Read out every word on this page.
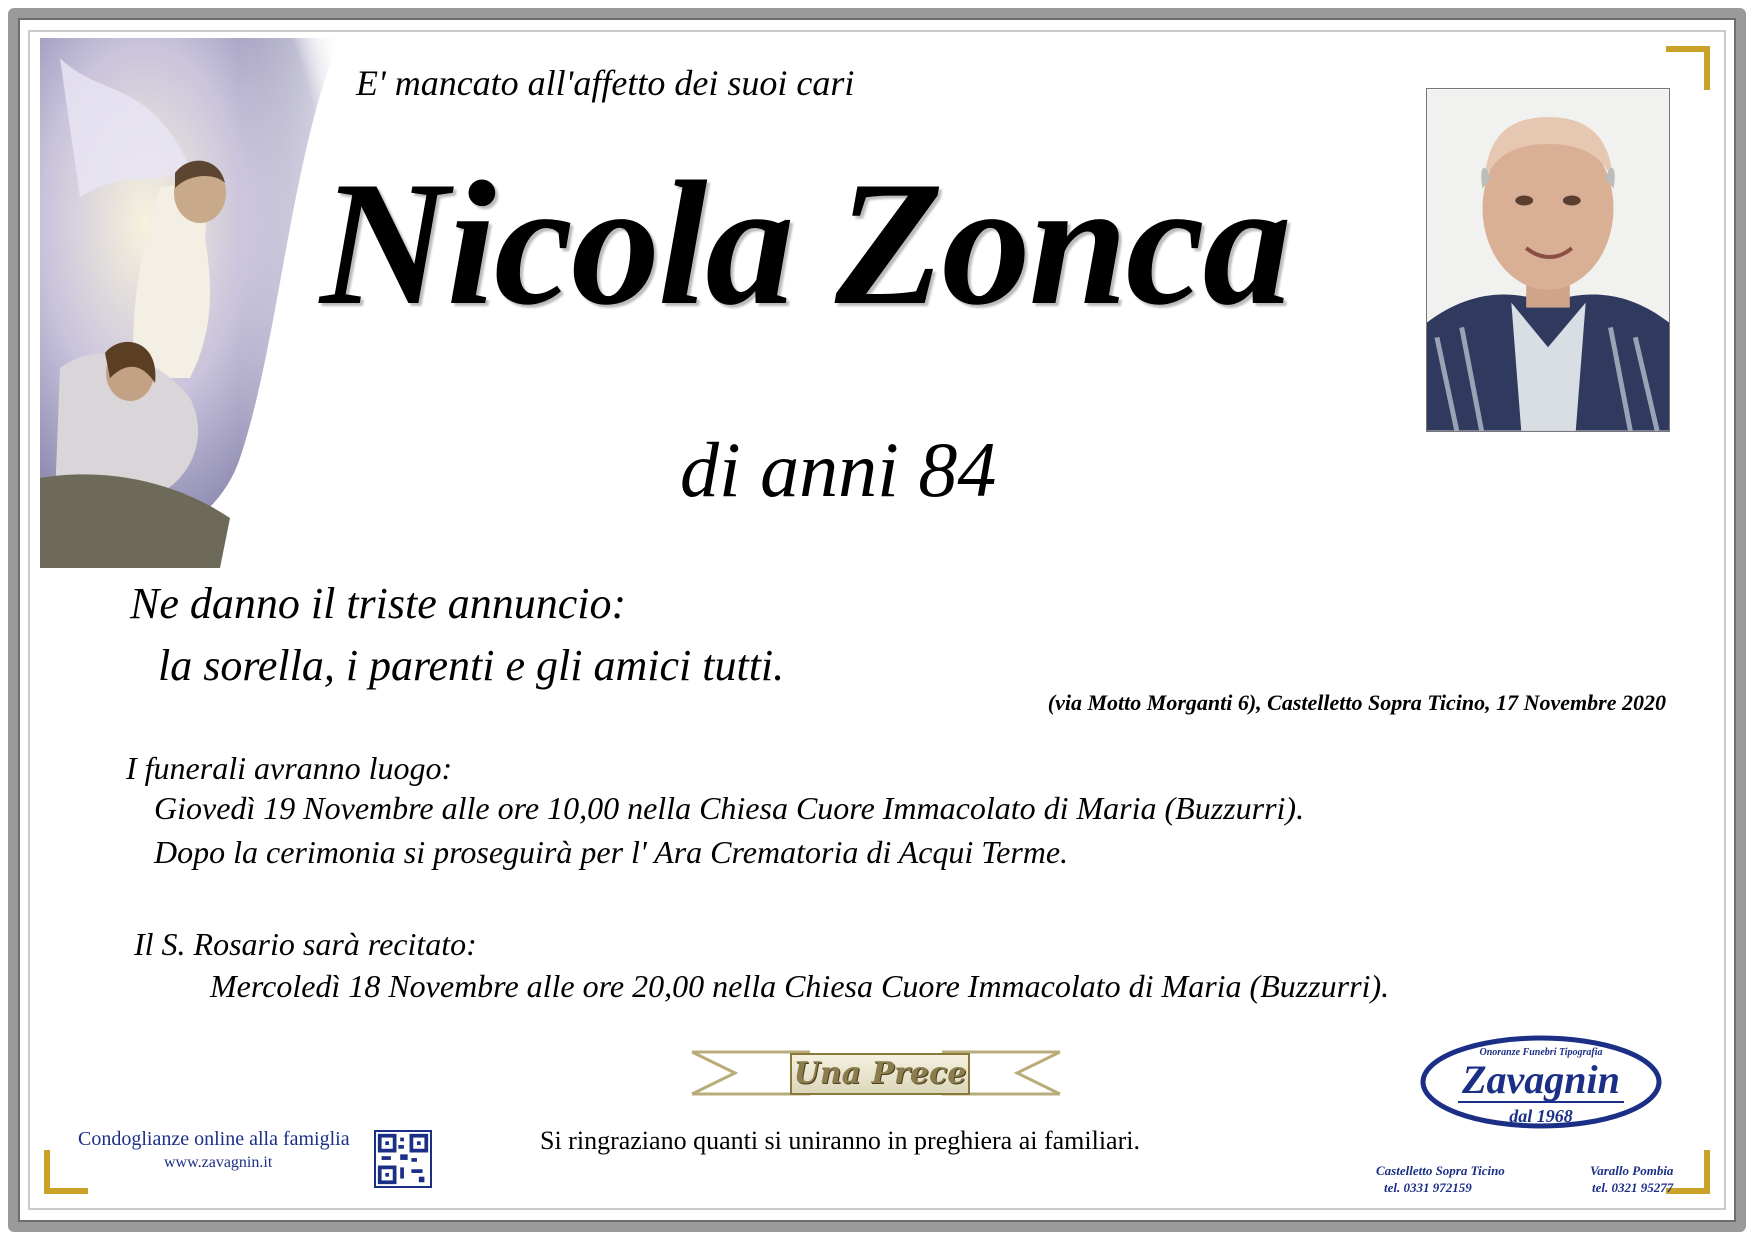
E' mancato all'affetto dei suoi cari
Nicola Zonca
di anni 84
Ne danno il triste annuncio:
la sorella, i parenti e gli amici tutti.
(via Motto Morganti 6), Castelletto Sopra Ticino, 17 Novembre 2020
I funerali avranno luogo:
Giovedì 19 Novembre alle ore 10,00 nella Chiesa Cuore Immacolato di Maria (Buzzurri).
Dopo la cerimonia si proseguirà per l' Ara Crematoria di Acqui Terme.
Il S. Rosario sarà recitato:
Mercoledì 18 Novembre alle ore 20,00 nella Chiesa Cuore Immacolato di Maria (Buzzurri).
Una Prece
Si ringraziano quanti si uniranno in preghiera ai familiari.
Condoglianze online alla famiglia
www.zavagnin.it
Onoranze Funebri Tipografia
Zavagnin
dal 1968
Castelletto Sopra Ticino
tel. 0331 972159
Varallo Pombia
tel. 0321 95277
